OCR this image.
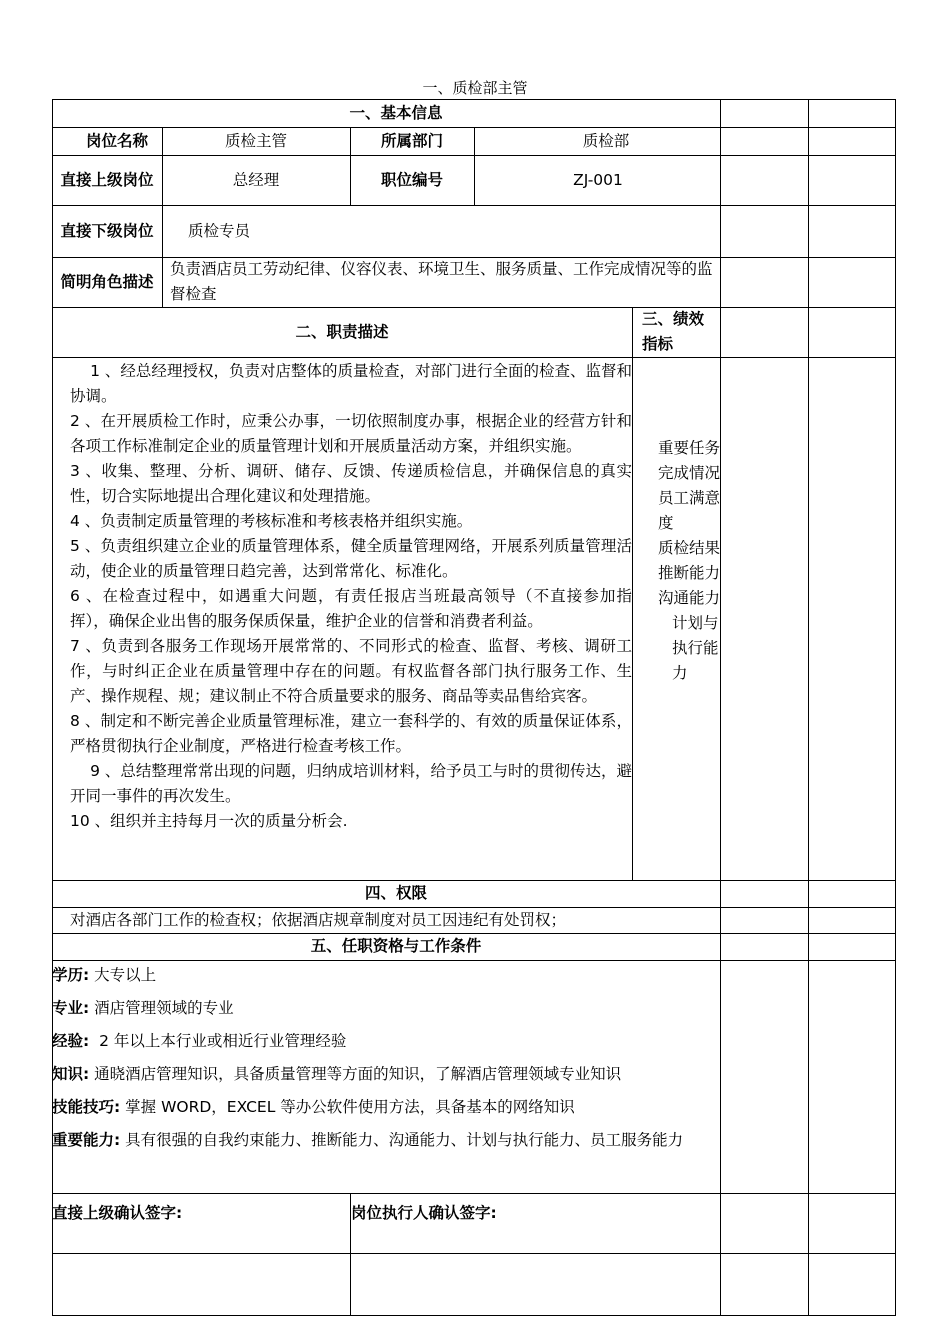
一、质检部主管
一、基本信息
岗位名称	质检主管	所属部门	质检部
直接上级岗位	总经理	职位编号	ZJ-001
直接下级岗位 质检专员
简明角色描述
负责酒店员工劳动纪律、仪容仪表、环境卫生、服务质量、工作完成情况等的监督检查
二、职责描述
三、绩效指标

1 、经总经理授权，负责对店整体的质量检查，对部门进行全面的检查、监督和协调。

2 、在开展质检工作时，应秉公办事，一切依照制度办事，根据企业的经营方针和各项工作标准制定企业的质量管理计划和开展质量活动方案，并组织实施。

3 、收集、整理、分析、调研、储存、反馈、传递质检信息，并确保信息的真实性，切合实际地提出合理化建议和处理措施。

4 、负责制定质量管理的考核标准和考核表格并组织实施。

5 、负责组织建立企业的质量管理体系，健全质量管理网络，开展系列质量管理活动，使企业的质量管理日趋完善，达到常常化、标准化。

6 、在检查过程中，如遇重大问题，有责任报店当班最高领导（不直接参加指挥），确保企业出售的服务保质保量，维护企业的信誉和消费者利益。

7 、负责到各服务工作现场开展常常的、不同形式的检查、监督、考核、调研工作，与时纠正企业在质量管理中存在的问题。有权监督各部门执行服务工作、生产、操作规程、规；建议制止不符合质量要求的服务、商品等卖品售给宾客。

8 、制定和不断完善企业质量管理标准，建立一套科学的、有效的质量保证体系，严格贯彻执行企业制度，严格进行检查考核工作。

9 、总结整理常常出现的问题，归纳成培训材料，给予员工与时的贯彻传达，避开同一事件的再次发生。

10 、组织并主持每月一次的质量分析会.

重要任务完成情况
员工满意度
质检结果
推断能力
沟通能力
计划与执行能力
四、权限
对酒店各部门工作的检查权；依据酒店规章制度对员工因违纪有处罚权；
五、任职资格与工作条件

学历: 大专以上

专业: 酒店管理领域的专业

经验: 2 年以上本行业或相近行业管理经验

知识: 通晓酒店管理知识，具备质量管理等方面的知识，了解酒店管理领域专业知识

技能技巧: 掌握 WORD，EXCEL 等办公软件使用方法，具备基本的网络知识

重要能力: 具有很强的自我约束能力、推断能力、沟通能力、计划与执行能力、员工服务能力

直接上级确认签字:	岗位执行人确认签字:
